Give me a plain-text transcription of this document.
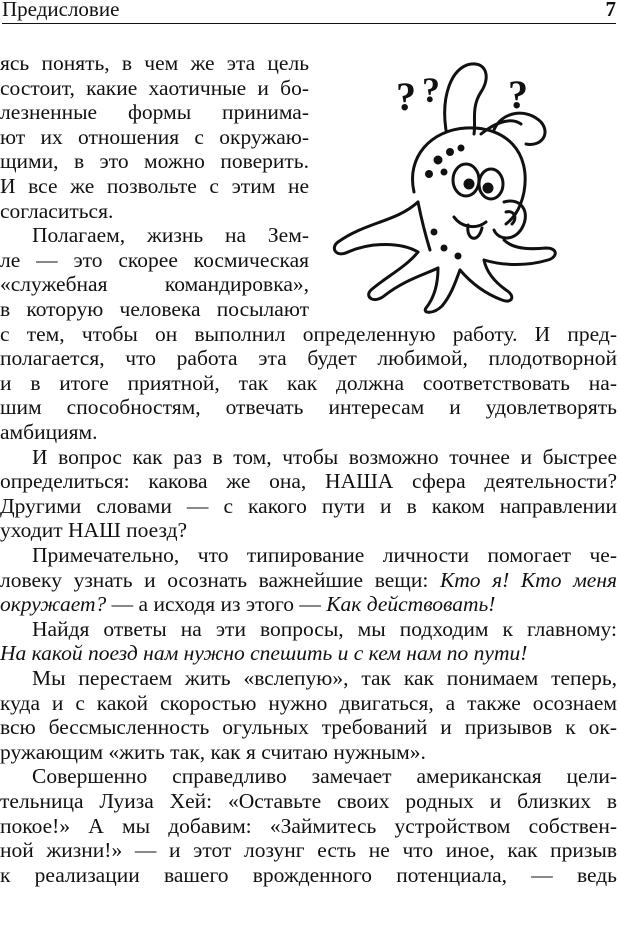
Предисловие	7
? ? ?
ясь понять, в чем же эта цель
состоит, какие хаотичные и бо-
лезненные формы принима-
ют их отношения с окружаю-
щими, в это можно поверить.
И все же позвольте с этим не
согласиться.
Полагаем, жизнь на Зем-
ле — это скорее космическая
«служебная командировка»,
в которую человека посылают
с тем, чтобы он выполнил определенную работу. И пред-
полагается, что работа эта будет любимой, плодотворной
и в итоге приятной, так как должна соответствовать на-
шим способностям, отвечать интересам и удовлетворять
амбициям.
И вопрос как раз в том, чтобы возможно точнее и быстрее
определиться: какова же она, НАША сфера деятельности?
Другими словами — с какого пути и в каком направлении
уходит НАШ поезд?
Примечательно, что типирование личности помогает че-
ловеку узнать и осознать важнейшие вещи: Кто я! Кто меня
окружает? — а исходя из этого — Как действовать!
Найдя ответы на эти вопросы, мы подходим к главному:
На какой поезд нам нужно спешить и с кем нам по пути!
Мы перестаем жить «вслепую», так как понимаем теперь,
куда и с какой скоростью нужно двигаться, а также осознаем
всю бессмысленность огульных требований и призывов к ок-
ружающим «жить так, как я считаю нужным».
Совершенно справедливо замечает американская цели-
тельница Луиза Хей: «Оставьте своих родных и близких в
покое!» А мы добавим: «Займитесь устройством собствен-
ной жизни!» — и этот лозунг есть не что иное, как призыв
к реализации вашего врожденного потенциала, — ведь
